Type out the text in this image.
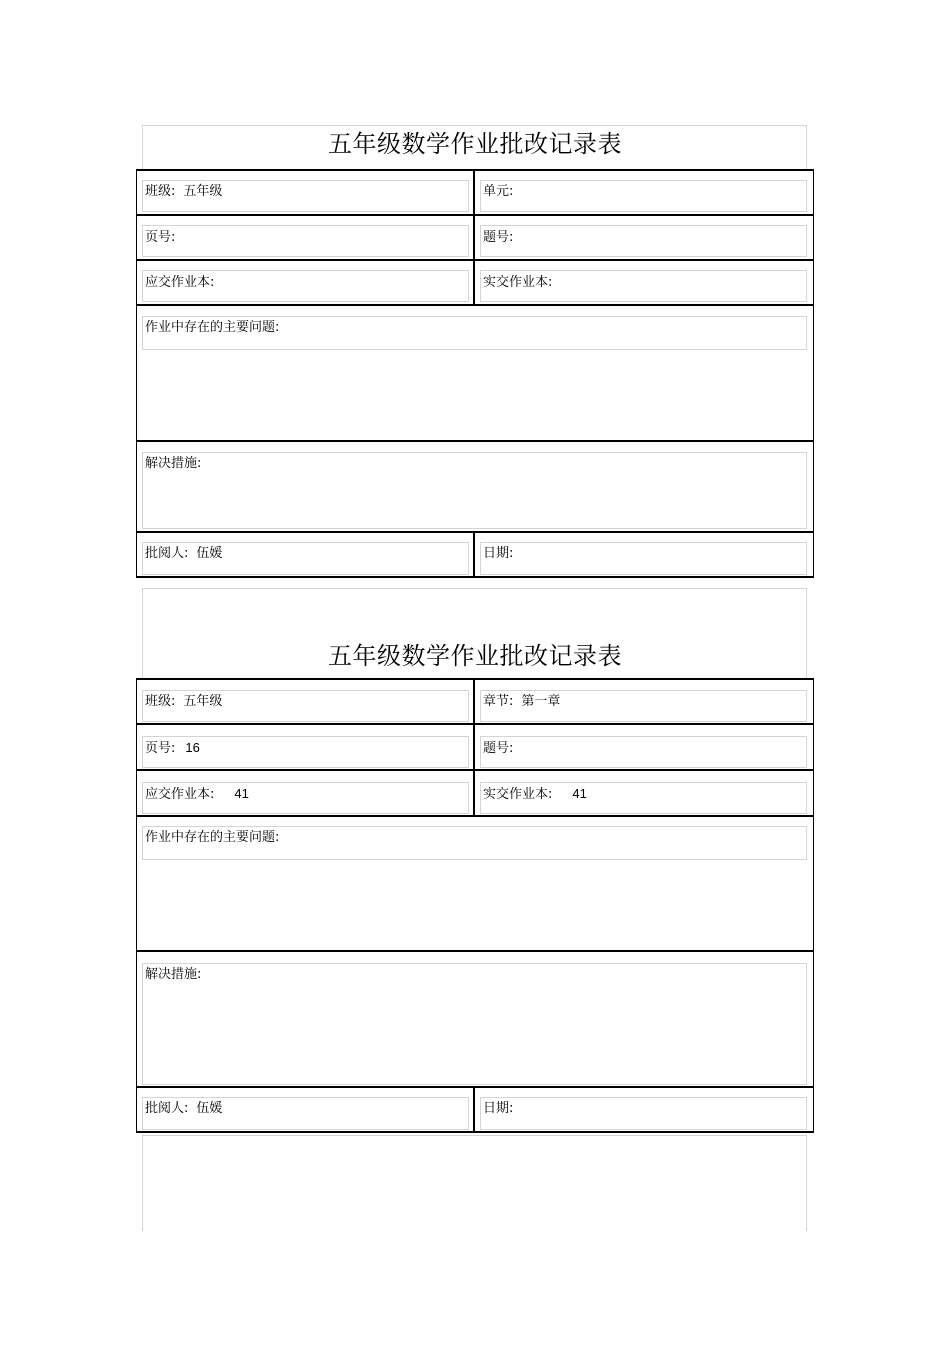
五年级数学作业批改记录表
班级: 五年级	单元:
页号:	题号:
应交作业本:	实交作业本:
作业中存在的主要问题:
解决措施:
批阅人: 伍媛	日期:
五年级数学作业批改记录表
班级: 五年级	章节: 第一章
页号: 16	题号:
应交作业本: 41	实交作业本: 41
作业中存在的主要问题:
解决措施:
批阅人: 伍媛	日期:
